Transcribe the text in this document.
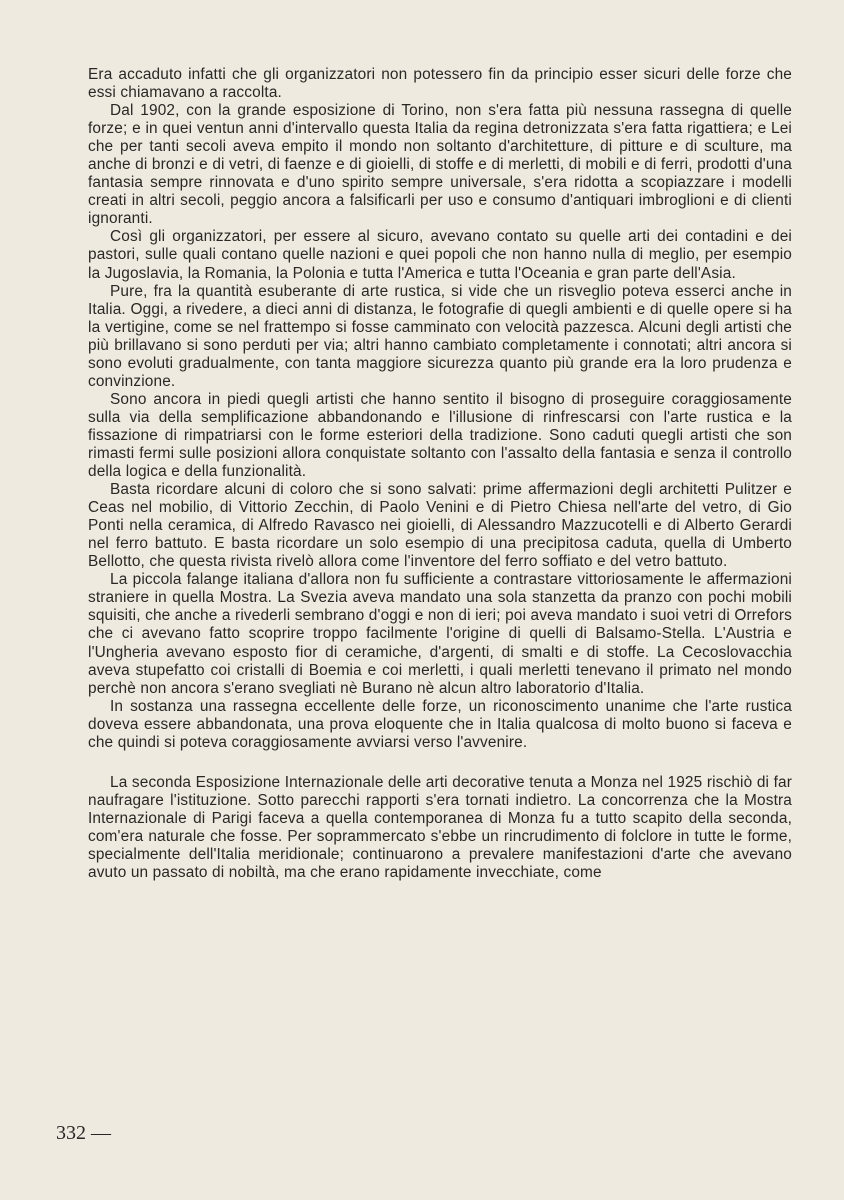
Era accaduto infatti che gli organizzatori non potessero fin da principio esser sicuri delle forze che essi chiamavano a raccolta.

Dal 1902, con la grande esposizione di Torino, non s'era fatta più nessuna rassegna di quelle forze; e in quei ventun anni d'intervallo questa Italia da regina detronizzata s'era fatta rigattiera; e Lei che per tanti secoli aveva empito il mondo non soltanto d'architetture, di pitture e di sculture, ma anche di bronzi e di vetri, di faenze e di gioielli, di stoffe e di merletti, di mobili e di ferri, prodotti d'una fantasia sempre rinnovata e d'uno spirito sempre universale, s'era ridotta a scopiazzare i modelli creati in altri secoli, peggio ancora a falsificarli per uso e consumo d'antiquari imbroglioni e di clienti ignoranti.

Così gli organizzatori, per essere al sicuro, avevano contato su quelle arti dei contadini e dei pastori, sulle quali contano quelle nazioni e quei popoli che non hanno nulla di meglio, per esempio la Jugoslavia, la Romania, la Polonia e tutta l'America e tutta l'Oceania e gran parte dell'Asia.

Pure, fra la quantità esuberante di arte rustica, si vide che un risveglio poteva esserci anche in Italia. Oggi, a rivedere, a dieci anni di distanza, le fotografie di quegli ambienti e di quelle opere si ha la vertigine, come se nel frattempo si fosse camminato con velocità pazzesca. Alcuni degli artisti che più brillavano si sono perduti per via; altri hanno cambiato completamente i connotati; altri ancora si sono evoluti gradualmente, con tanta maggiore sicurezza quanto più grande era la loro prudenza e convinzione.

Sono ancora in piedi quegli artisti che hanno sentito il bisogno di proseguire coraggiosamente sulla via della semplificazione abbandonando e l'illusione di rinfrescarsi con l'arte rustica e la fissazione di rimpatriarsi con le forme esteriori della tradizione. Sono caduti quegli artisti che son rimasti fermi sulle posizioni allora conquistate soltanto con l'assalto della fantasia e senza il controllo della logica e della funzionalità.

Basta ricordare alcuni di coloro che si sono salvati: prime affermazioni degli architetti Pulitzer e Ceas nel mobilio, di Vittorio Zecchin, di Paolo Venini e di Pietro Chiesa nell'arte del vetro, di Gio Ponti nella ceramica, di Alfredo Ravasco nei gioielli, di Alessandro Mazzucotelli e di Alberto Gerardi nel ferro battuto. E basta ricordare un solo esempio di una precipitosa caduta, quella di Umberto Bellotto, che questa rivista rivelò allora come l'inventore del ferro soffiato e del vetro battuto.

La piccola falange italiana d'allora non fu sufficiente a contrastare vittoriosamente le affermazioni straniere in quella Mostra. La Svezia aveva mandato una sola stanzetta da pranzo con pochi mobili squisiti, che anche a rivederli sembrano d'oggi e non di ieri; poi aveva mandato i suoi vetri di Orrefors che ci avevano fatto scoprire troppo facilmente l'origine di quelli di Balsamo-Stella. L'Austria e l'Ungheria avevano esposto fior di ceramiche, d'argenti, di smalti e di stoffe. La Cecoslovacchia aveva stupefatto coi cristalli di Boemia e coi merletti, i quali merletti tenevano il primato nel mondo perchè non ancora s'erano svegliati nè Burano nè alcun altro laboratorio d'Italia.

In sostanza una rassegna eccellente delle forze, un riconoscimento unanime che l'arte rustica doveva essere abbandonata, una prova eloquente che in Italia qualcosa di molto buono si faceva e che quindi si poteva coraggiosamente avviarsi verso l'avvenire.

La seconda Esposizione Internazionale delle arti decorative tenuta a Monza nel 1925 rischiò di far naufragare l'istituzione. Sotto parecchi rapporti s'era tornati indietro. La concorrenza che la Mostra Internazionale di Parigi faceva a quella contemporanea di Monza fu a tutto scapito della seconda, com'era naturale che fosse. Per soprammercato s'ebbe un rincrudimento di folclore in tutte le forme, specialmente dell'Italia meridionale; continuarono a prevalere manifestazioni d'arte che avevano avuto un passato di nobiltà, ma che erano rapidamente invecchiate, come

332 —
